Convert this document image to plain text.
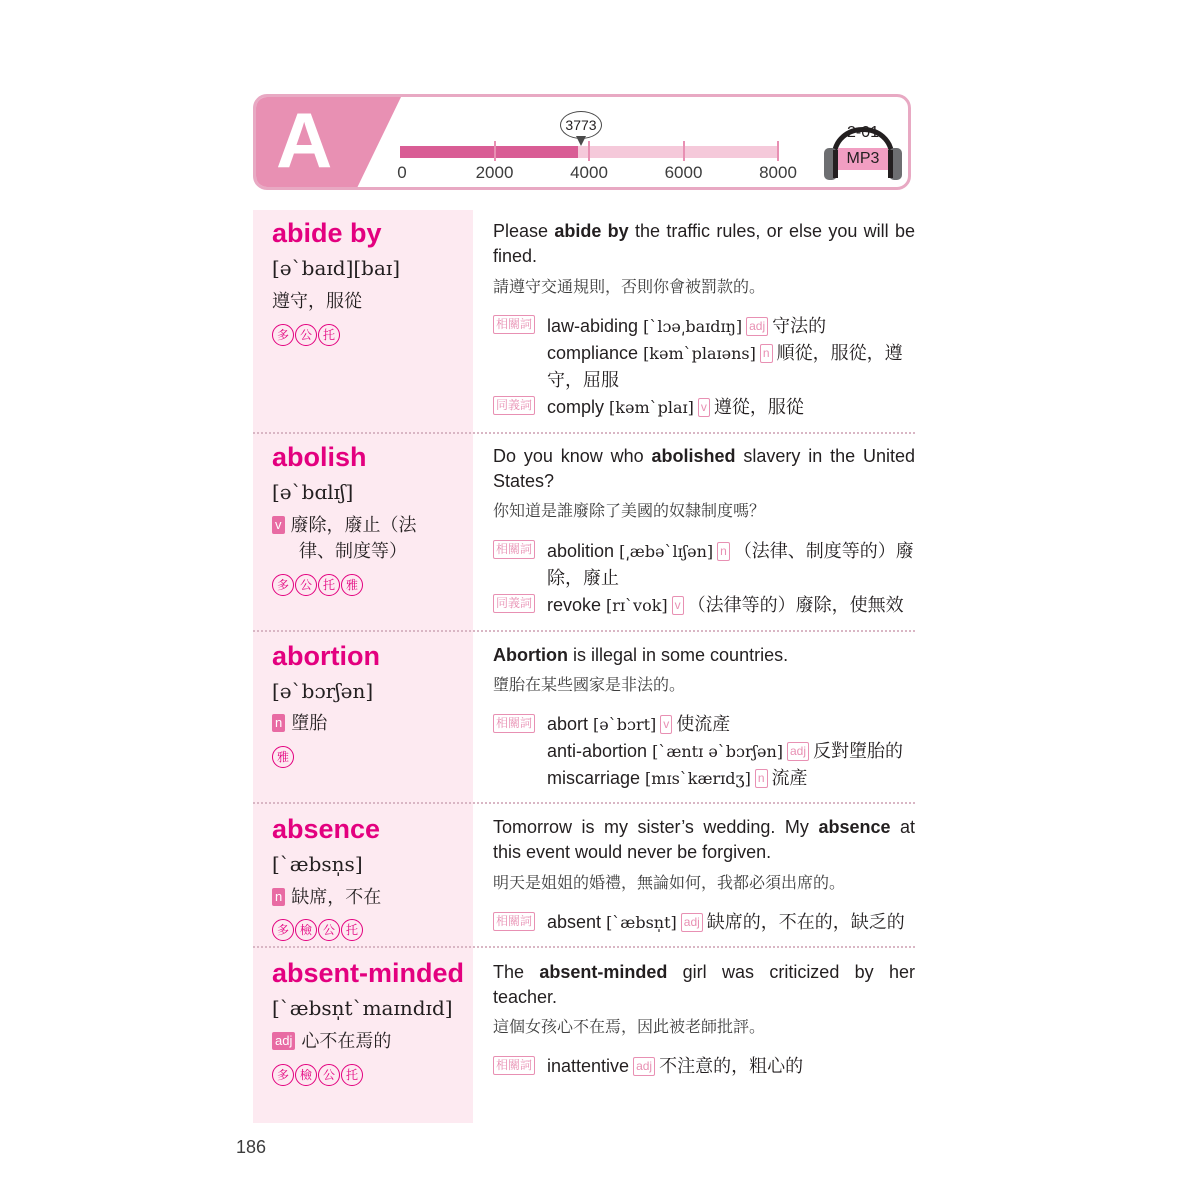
A	3773
0	2000	4000	6000	8000
2-01
MP3
abide by
[əˋbaɪd][baɪ]
遵守，服從
多 公 托
Please abide by the traffic rules, or else you will be fined.
請遵守交通規則，否則你會被罰款的。
相關詞 law-abiding [ˋlɔə͵baɪdɪŋ] adj 守法的
compliance [kəmˋplaɪəns] n 順從，服從，遵
守，屈服
同義詞 comply [kəmˋplaɪ] v 遵從，服從
abolish
[əˋbɑlɪʃ]
v 廢除，廢止（法
律、制度等）
多 公 托 雅
Do you know who abolished slavery in the United States?
你知道是誰廢除了美國的奴隸制度嗎？
相關詞 abolition [͵æbəˋlɪʃən] n （法律、制度等的）廢
除，廢止
同義詞 revoke [rɪˋvok] v （法律等的）廢除，使無效
abortion
[əˋbɔrʃən]
n 墮胎
雅
Abortion is illegal in some countries.
墮胎在某些國家是非法的。
相關詞 abort [əˋbɔrt] v 使流產
anti-abortion [ˋæntɪ əˋbɔrʃən] adj 反對墮胎的
miscarriage [mɪsˋkærɪdʒ] n 流產
absence
[ˋæbsn̩s]
n 缺席，不在
多 檢 公 托
Tomorrow is my sister’s wedding. My absence at this event would never be forgiven.
明天是姐姐的婚禮，無論如何，我都必須出席的。
相關詞 absent [ˋæbsn̩t] adj 缺席的，不在的，缺乏的
absent-minded
[ˋæbsn̩tˋmaɪndɪd]
adj 心不在焉的
多 檢 公 托
The absent-minded girl was criticized by her teacher.
這個女孩心不在焉，因此被老師批評。
相關詞 inattentive adj 不注意的，粗心的
186
